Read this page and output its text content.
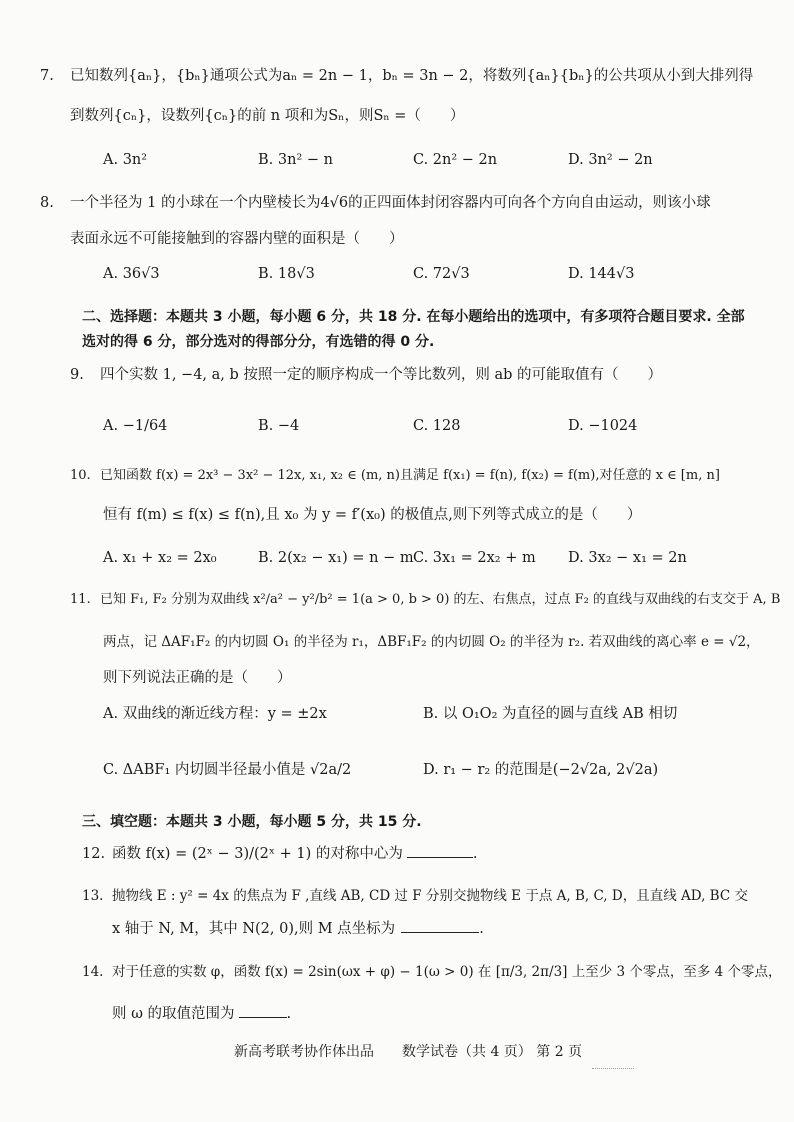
7. 已知数列{aₙ}，{bₙ}通项公式为aₙ = 2n − 1，bₙ = 3n − 2，将数列{aₙ}{bₙ}的公共项从小到大排列得
到数列{cₙ}，设数列{cₙ}的前 n 项和为Sₙ，则Sₙ =（　　）
A. 3n²	B. 3n² − n	C. 2n² − 2n	D. 3n² − 2n
8. 一个半径为 1 的小球在一个内壁棱长为4√6的正四面体封闭容器内可向各个方向自由运动，则该小球
表面永远不可能接触到的容器内壁的面积是（　　）
A. 36√3	B. 18√3	C. 72√3	D. 144√3
二、选择题：本题共 3 小题，每小题 6 分，共 18 分. 在每小题给出的选项中，有多项符合题目要求. 全部
选对的得 6 分，部分选对的得部分分，有选错的得 0 分.
9. 四个实数 1, −4, a, b 按照一定的顺序构成一个等比数列，则 ab 的可能取值有（　　）
A. −1/64	B. −4	C. 128	D. −1024
10. 已知函数 f(x) = 2x³ − 3x² − 12x, x₁, x₂ ∈ (m, n)且满足 f(x₁) = f(n), f(x₂) = f(m),对任意的 x ∈ [m, n]
恒有 f(m) ≤ f(x) ≤ f(n),且 x₀ 为 y = f′(x₀) 的极值点,则下列等式成立的是（　　）
A. x₁ + x₂ = 2x₀	B. 2(x₂ − x₁) = n − m C. 3x₁ = 2x₂ + m D. 3x₂ − x₁ = 2n
11. 已知 F₁, F₂ 分别为双曲线 x²/a² − y²/b² = 1(a > 0, b > 0) 的左、右焦点，过点 F₂ 的直线与双曲线的右支交于 A, B
两点，记 ΔAF₁F₂ 的内切圆 O₁ 的半径为 r₁，ΔBF₁F₂ 的内切圆 O₂ 的半径为 r₂. 若双曲线的离心率 e = √2，
则下列说法正确的是（　　）
A. 双曲线的渐近线方程：y = ±2x	B. 以 O₁O₂ 为直径的圆与直线 AB 相切
C. ΔABF₁ 内切圆半径最小值是 √2a/2	D. r₁ − r₂ 的范围是(−2√2a, 2√2a)
三、填空题：本题共 3 小题，每小题 5 分，共 15 分.
12. 函数 f(x) = (2ˣ − 3)/(2ˣ + 1) 的对称中心为	.
13. 抛物线 E : y² = 4x 的焦点为 F ,直线 AB, CD 过 F 分别交抛物线 E 于点 A, B, C, D，且直线 AD, BC 交
x 轴于 N, M，其中 N(2, 0),则 M 点坐标为	.
14. 对于任意的实数 φ，函数 f(x) = 2sin(ωx + φ) − 1(ω > 0) 在 [π/3, 2π/3] 上至少 3 个零点，至多 4 个零点，
则 ω 的取值范围为	.
新高考联考协作体出品　　数学试卷（共 4 页） 第 2 页
